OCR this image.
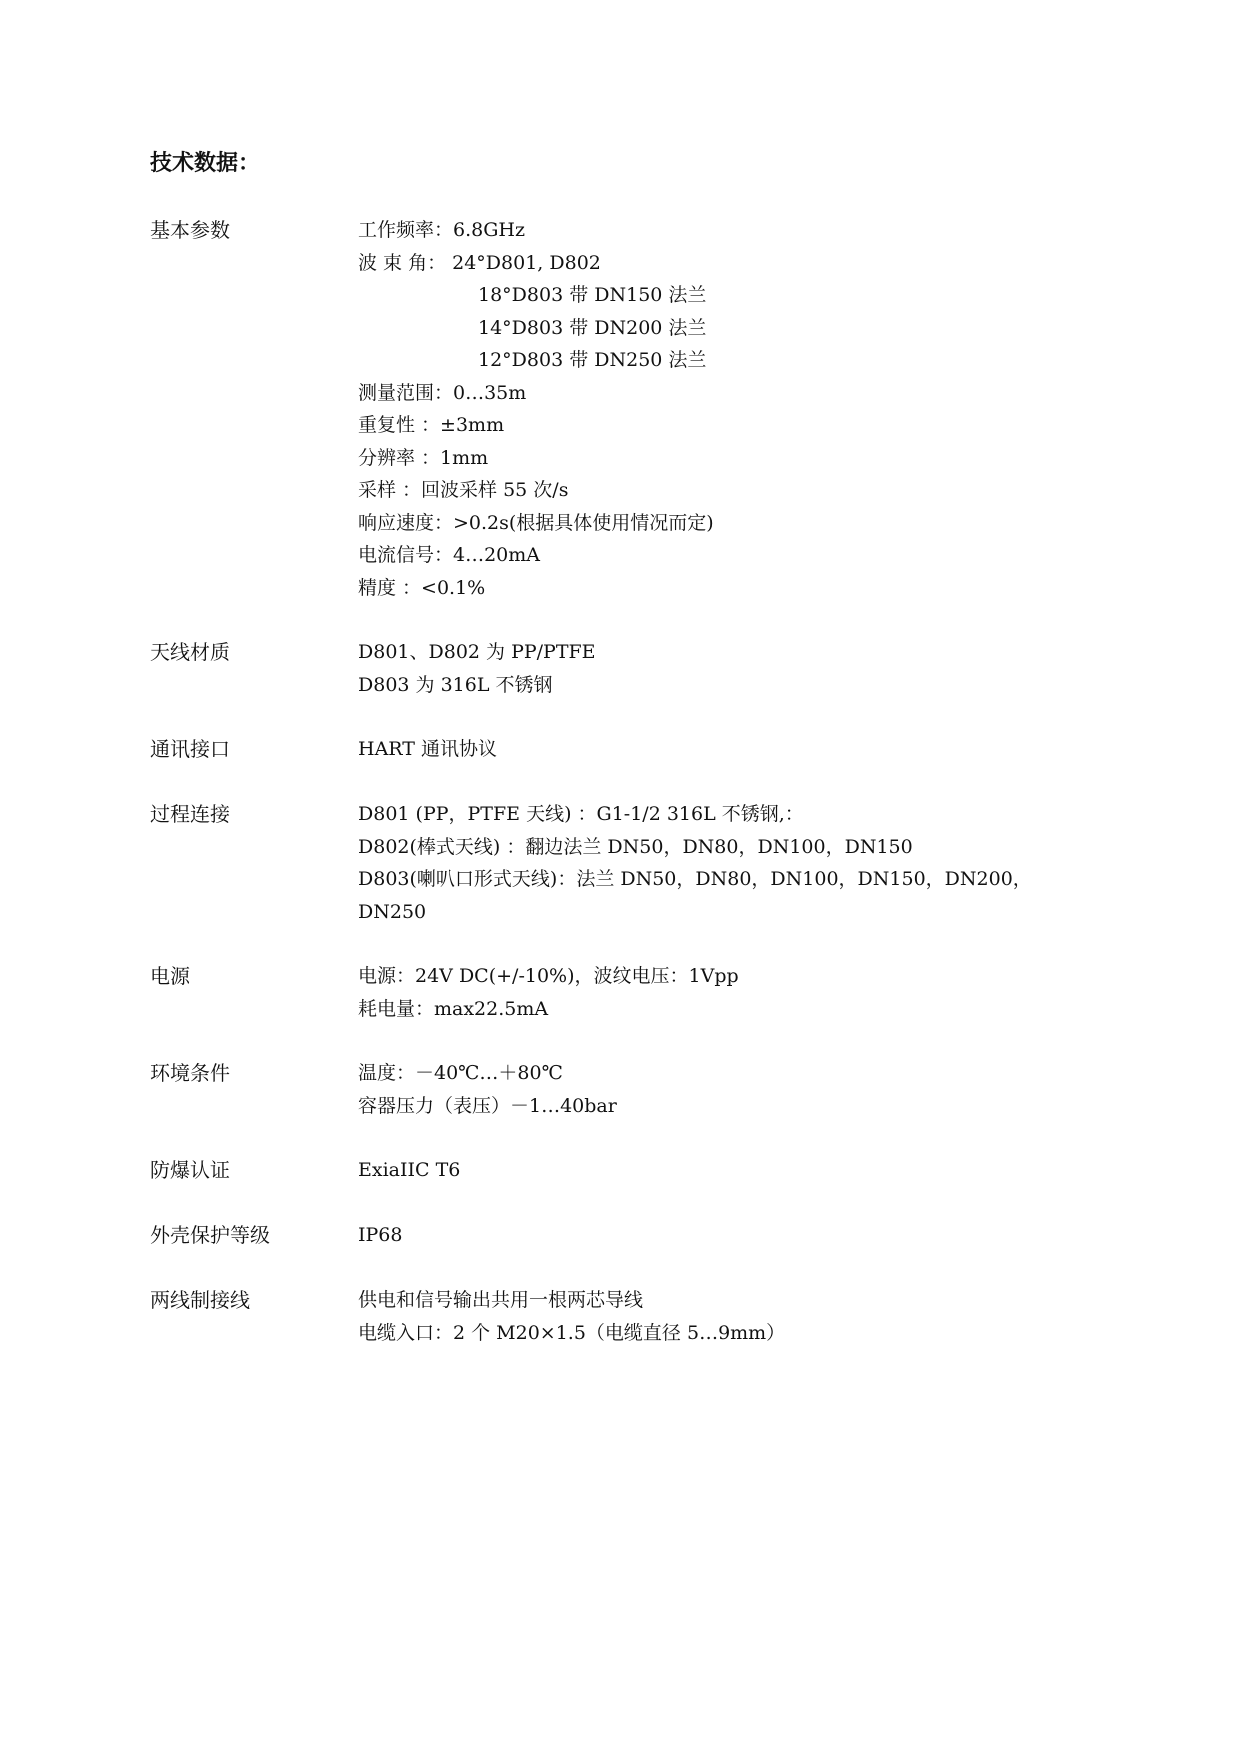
技术数据：
基本参数	工作频率：6.8GHz
波 束 角： 24°D801, D802
18°D803 带 DN150 法兰
14°D803 带 DN200 法兰
12°D803 带 DN250 法兰
测量范围：0…35m
重复性 ：±3mm
分辨率 ：1mm
采样 ：回波采样 55 次/s
响应速度：>0.2s(根据具体使用情况而定)
电流信号：4…20mA
精度 ：<0.1%
天线材质	D801、D802 为 PP/PTFE
D803 为 316L 不锈钢
通讯接口	HART 通讯协议
过程连接	D801 (PP，PTFE 天线) ：G1-1/2 316L 不锈钢,：
D802(棒式天线) ：翻边法兰 DN50，DN80，DN100，DN150
D803(喇叭口形式天线)：法兰 DN50，DN80，DN100，DN150，DN200，DN250
电源	电源：24V DC(+/-10%)，波纹电压：1Vpp
耗电量：max22.5mA
环境条件	温度：－40℃…＋80℃
容器压力（表压）－1…40bar
防爆认证	ExiaIIC T6
外壳保护等级	IP68
两线制接线	供电和信号输出共用一根两芯导线
电缆入口：2 个 M20×1.5（电缆直径 5…9mm）
